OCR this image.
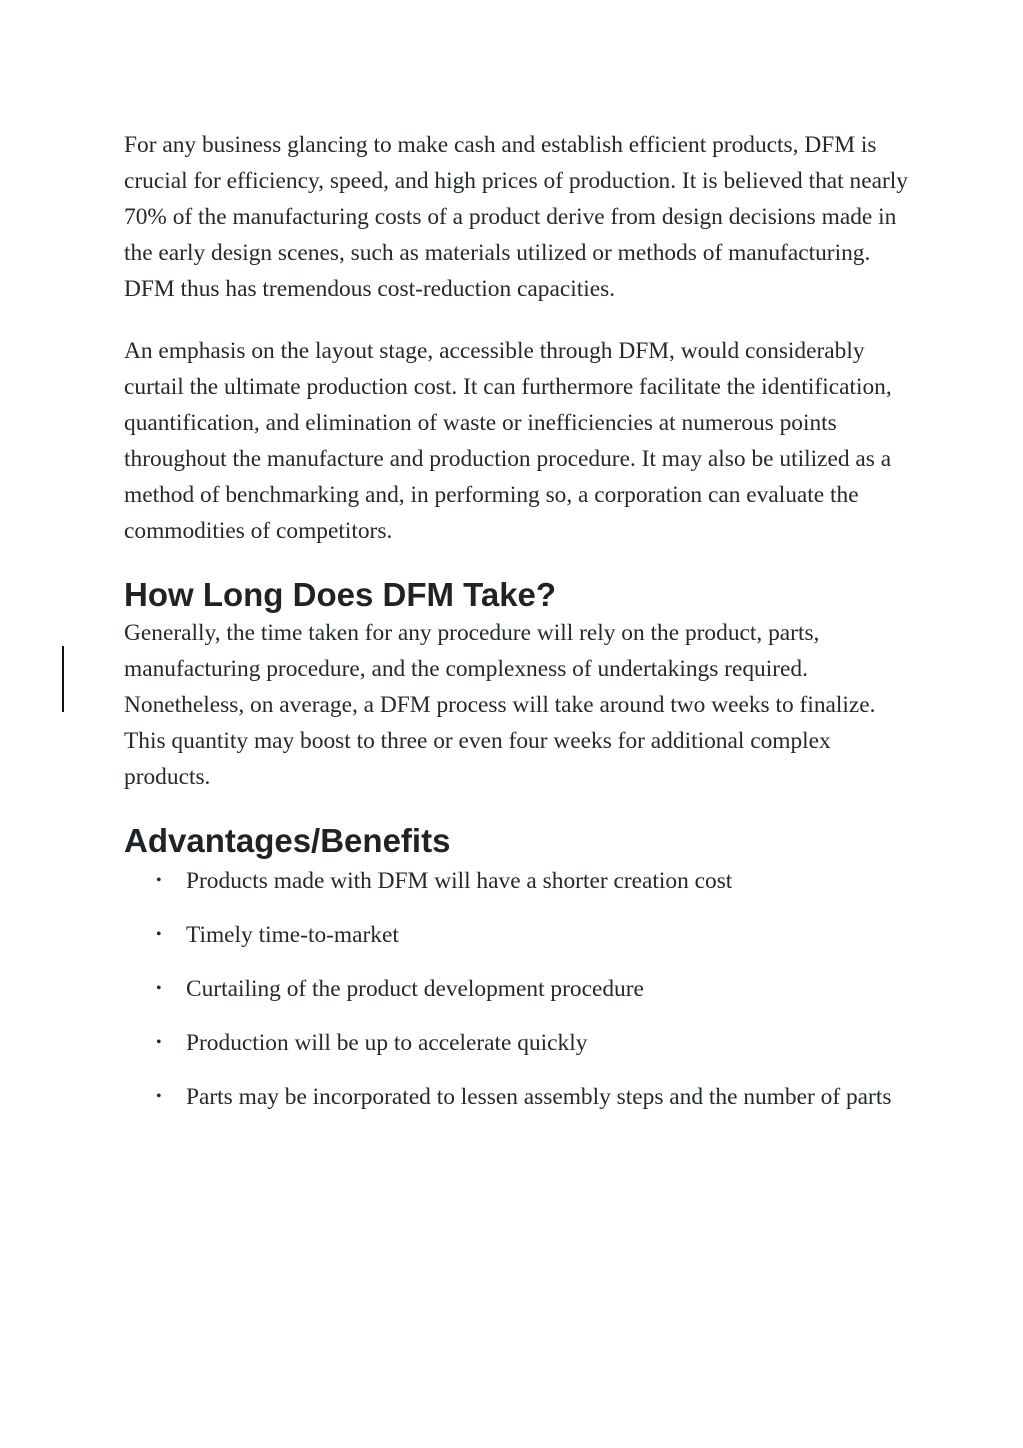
For any business glancing to make cash and establish efficient products, DFM is crucial for efficiency, speed, and high prices of production. It is believed that nearly 70% of the manufacturing costs of a product derive from design decisions made in the early design scenes, such as materials utilized or methods of manufacturing. DFM thus has tremendous cost-reduction capacities.

An emphasis on the layout stage, accessible through DFM, would considerably curtail the ultimate production cost. It can furthermore facilitate the identification, quantification, and elimination of waste or inefficiencies at numerous points throughout the manufacture and production procedure. It may also be utilized as a method of benchmarking and, in performing so, a corporation can evaluate the commodities of competitors.

How Long Does DFM Take?

Generally, the time taken for any procedure will rely on the product, parts, manufacturing procedure, and the complexness of undertakings required. Nonetheless, on average, a DFM process will take around two weeks to finalize. This quantity may boost to three or even four weeks for additional complex products.

Advantages/Benefits
• Products made with DFM will have a shorter creation cost
• Timely time-to-market
• Curtailing of the product development procedure
• Production will be up to accelerate quickly
• Parts may be incorporated to lessen assembly steps and the number of parts
